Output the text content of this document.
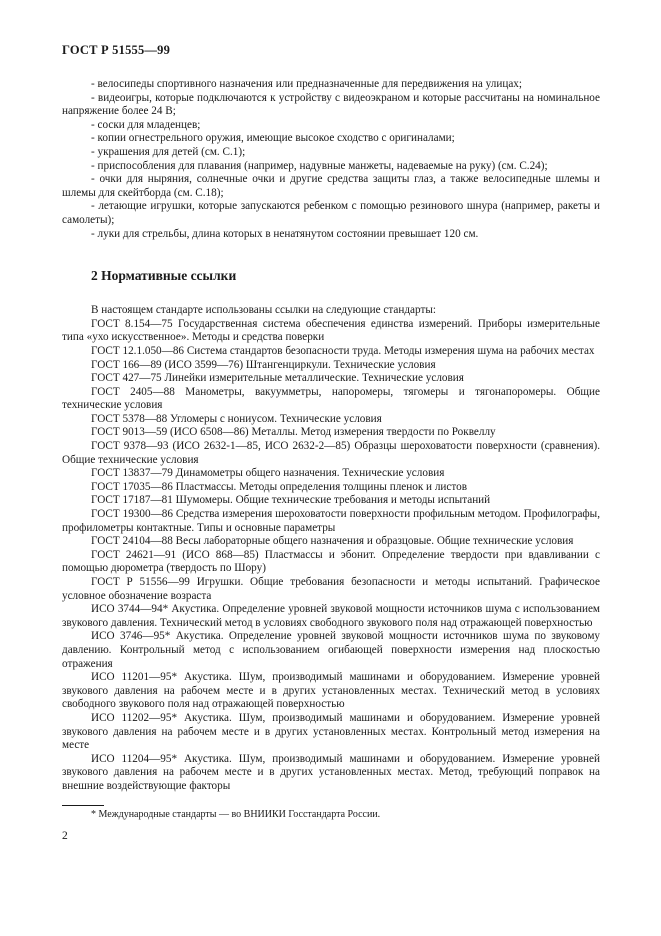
ГОСТ Р 51555—99

- велосипеды спортивного назначения или предназначенные для передвижения на улицах;

- видеоигры, которые подключаются к устройству с видеоэкраном и которые рассчитаны на номинальное напряжение более 24 В;

- соски для младенцев;

- копии огнестрельного оружия, имеющие высокое сходство с оригиналами;

- украшения для детей (см. С.1);

- приспособления для плавания (например, надувные манжеты, надеваемые на руку) (см. С.24);

- очки для ныряния, солнечные очки и другие средства защиты глаз, а также велосипедные шлемы и шлемы для скейтборда (см. С.18);

- летающие игрушки, которые запускаются ребенком с помощью резинового шнура (например, ракеты и самолеты);

- луки для стрельбы, длина которых в ненатянутом состоянии превышает 120 см.

2 Нормативные ссылки

В настоящем стандарте использованы ссылки на следующие стандарты:

ГОСТ 8.154—75 Государственная система обеспечения единства измерений. Приборы измерительные типа «ухо искусственное». Методы и средства поверки

ГОСТ 12.1.050—86 Система стандартов безопасности труда. Методы измерения шума на рабочих местах

ГОСТ 166—89 (ИСО 3599—76) Штангенциркули. Технические условия

ГОСТ 427—75 Линейки измерительные металлические. Технические условия

ГОСТ 2405—88 Манометры, вакуумметры, напоромеры, тягомеры и тягонапоромеры. Общие технические условия

ГОСТ 5378—88 Угломеры с нониусом. Технические условия

ГОСТ 9013—59 (ИСО 6508—86) Металлы. Метод измерения твердости по Роквеллу

ГОСТ 9378—93 (ИСО 2632-1—85, ИСО 2632-2—85) Образцы шероховатости поверхности (сравнения). Общие технические условия

ГОСТ 13837—79 Динамометры общего назначения. Технические условия

ГОСТ 17035—86 Пластмассы. Методы определения толщины пленок и листов

ГОСТ 17187—81 Шумомеры. Общие технические требования и методы испытаний

ГОСТ 19300—86 Средства измерения шероховатости поверхности профильным методом. Профилографы, профилометры контактные. Типы и основные параметры

ГОСТ 24104—88 Весы лабораторные общего назначения и образцовые. Общие технические условия

ГОСТ 24621—91 (ИСО 868—85) Пластмассы и эбонит. Определение твердости при вдавливании с помощью дюрометра (твердость по Шору)

ГОСТ Р 51556—99 Игрушки. Общие требования безопасности и методы испытаний. Графическое условное обозначение возраста

ИСО 3744—94* Акустика. Определение уровней звуковой мощности источников шума с использованием звукового давления. Технический метод в условиях свободного звукового поля над отражающей поверхностью

ИСО 3746—95* Акустика. Определение уровней звуковой мощности источников шума по звуковому давлению. Контрольный метод с использованием огибающей поверхности измерения над плоскостью отражения

ИСО 11201—95* Акустика. Шум, производимый машинами и оборудованием. Измерение уровней звукового давления на рабочем месте и в других установленных местах. Технический метод в условиях свободного звукового поля над отражающей поверхностью

ИСО 11202—95* Акустика. Шум, производимый машинами и оборудованием. Измерение уровней звукового давления на рабочем месте и в других установленных местах. Контрольный метод измерения на месте

ИСО 11204—95* Акустика. Шум, производимый машинами и оборудованием. Измерение уровней звукового давления на рабочем месте и в других установленных местах. Метод, требующий поправок на внешние воздействующие факторы

* Международные стандарты — во ВНИИКИ Госстандарта России.
2
